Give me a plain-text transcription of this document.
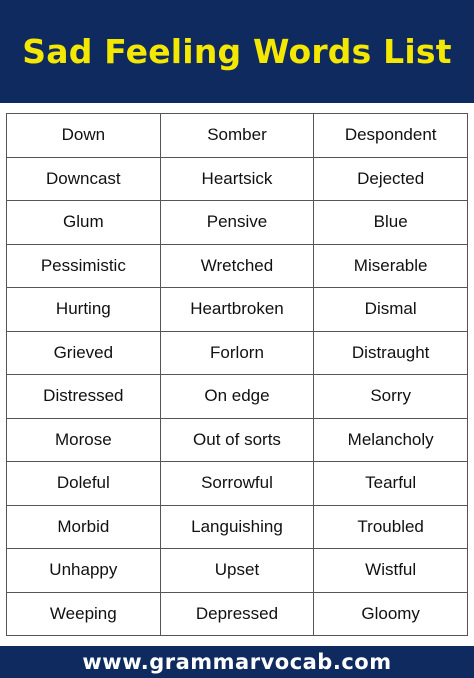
Sad Feeling Words List
Down	Somber	Despondent
Downcast	Heartsick	Dejected
Glum	Pensive	Blue
Pessimistic	Wretched	Miserable
Hurting	Heartbroken	Dismal
Grieved	Forlorn	Distraught
Distressed	On edge	Sorry
Morose	Out of sorts	Melancholy
Doleful	Sorrowful	Tearful
Morbid	Languishing	Troubled
Unhappy	Upset	Wistful
Weeping	Depressed	Gloomy
www.grammarvocab.com
